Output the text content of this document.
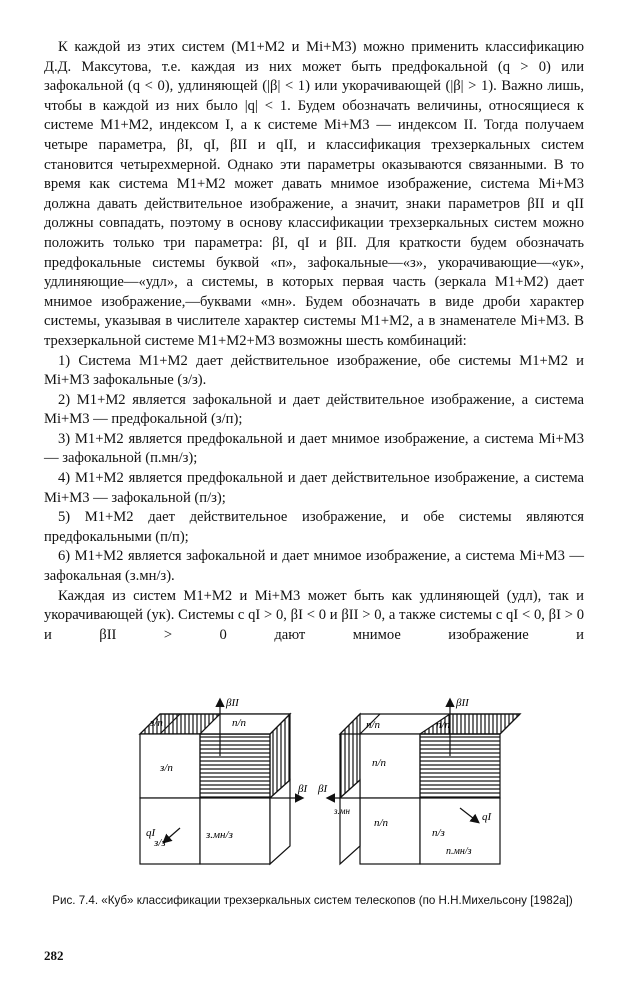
К каждой из этих систем (М1+М2 и Мi+М3) можно применить классификацию Д.Д. Максутова, т.е. каждая из них может быть предфокальной (q > 0) или зафокальной (q < 0), удлиняющей (|β| < 1) или укорачивающей (|β| > 1). Важно лишь, чтобы в каждой из них было |q| < 1. Будем обозначать величины, относящиеся к системе М1+М2, индексом I, а к системе Мi+М3 — индексом II. Тогда получаем четыре параметра, βI, qI, βII и qII, и классификация трехзеркальных систем становится четырехмерной. Однако эти параметры оказываются связанными. В то время как система М1+М2 может давать мнимое изображение, система Мi+М3 должна давать действительное изображение, а значит, знаки параметров βII и qII должны совпадать, поэтому в основу классификации трехзеркальных систем можно положить только три параметра: βI, qI и βII. Для краткости будем обозначать предфокальные системы буквой «п», зафокальные—«з», укорачивающие—«ук», удлиняющие—«удл», а системы, в которых первая часть (зеркала М1+М2) дает мнимое изображение,—буквами «мн». Будем обозначать в виде дроби характер системы, указывая в числителе характер системы М1+М2, а в знаменателе Мi+М3. В трехзеркальной системе М1+М2+М3 возможны шесть комбинаций:

1) Система М1+М2 дает действительное изображение, обе системы М1+М2 и Мi+М3 зафокальные (з/з).

2) М1+М2 является зафокальной и дает действительное изображение, а система Мi+М3 — предфокальной (з/п);

3) М1+М2 является предфокальной и дает мнимое изображение, а система Мi+М3 — зафокальной (п.мн/з);

4) М1+М2 является предфокальной и дает действительное изображение, а система Мi+М3 — зафокальной (п/з);

5) М1+М2 дает действительное изображение, и обе системы являются предфокальными (п/п);

6) М1+М2 является зафокальной и дает мнимое изображение, а система Мi+М3 — зафокальная (з.мн/з).

Каждая из систем М1+М2 и Мi+М3 может быть как удлиняющей (удл), так и укорачивающей (ук). Системы с qI > 0, βI < 0 и βII > 0, а также системы с qI < 0, βI > 0 и βII > 0 дают мнимое изображение и

з/п	п/п
з/п
з/з
з.мн/з
βII
βI
qI
п/п	п/п
п/п
п/п
п/з
п.мн/з
з.мн
βII
βI
qI
Рис. 7.4. «Куб» классификации трехзеркальных систем телескопов (по Н.Н.Михельсону [1982а])
282
